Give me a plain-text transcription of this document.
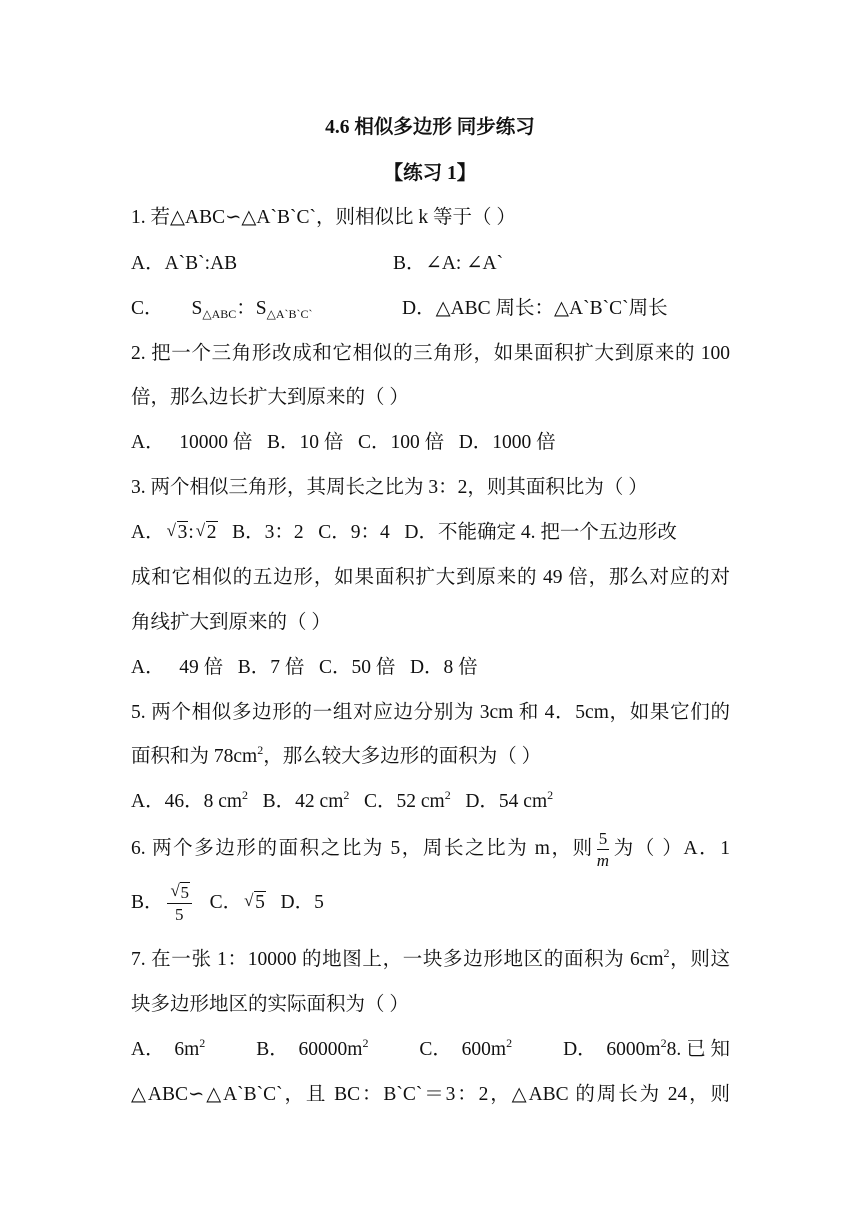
4.6 相似多边形 同步练习
【练习 1】
1. 若△ABC∽△A`B`C`，则相似比 k 等于（ ）
A．A`B`:AB	B．∠A: ∠A`
C． $S_{\triangle ABC}$：$S_{\triangle A`B`C`}$	D．△ABC 周长：△A`B`C`周长
2. 把一个三角形改成和它相似的三角形，如果面积扩大到原来的 100
倍，那么边长扩大到原来的（ ）
A．   10000 倍   B．10 倍   C．100 倍   D．1000 倍
3. 两个相似三角形，其周长之比为 3：2，则其面积比为（ ）
A． √ 3: √ 2   B．3：2   C．9：4   D．不能确定 4. 把一个五边形改
成和它相似的五边形，如果面积扩大到原来的 49 倍，那么对应的对
角线扩大到原来的（ ）
A．   49 倍   B．7 倍   C．50 倍   D．8 倍
5. 两个相似多边形的一组对应边分别为 3cm 和 4．5cm，如果它们的
面积和为 $78cm^2$，那么较大多边形的面积为（ ）
A．46．8 $cm^2$   B．42 $cm^2$   C．52 $cm^2$   D．54 $cm^2$
6. 两个多边形的面积之比为 5，周长之比为 m，则 $\frac{5}{m}$ 为（ ）A．1
B． √ $\frac{5}{5}$ C． √ 5   D．5
7. 在一张 1：10000 的地图上，一块多边形地区的面积为 $6cm^2$，则这
块多边形地区的实际面积为（ ）
A．  $6m^2$	B．  $60000m^2$	C．  $600m^2$	D．  $6000m^28$. 已 知
△ABC∽△A`B`C`，且 BC：B`C`＝3：2，△ABC 的周长为 24，则
